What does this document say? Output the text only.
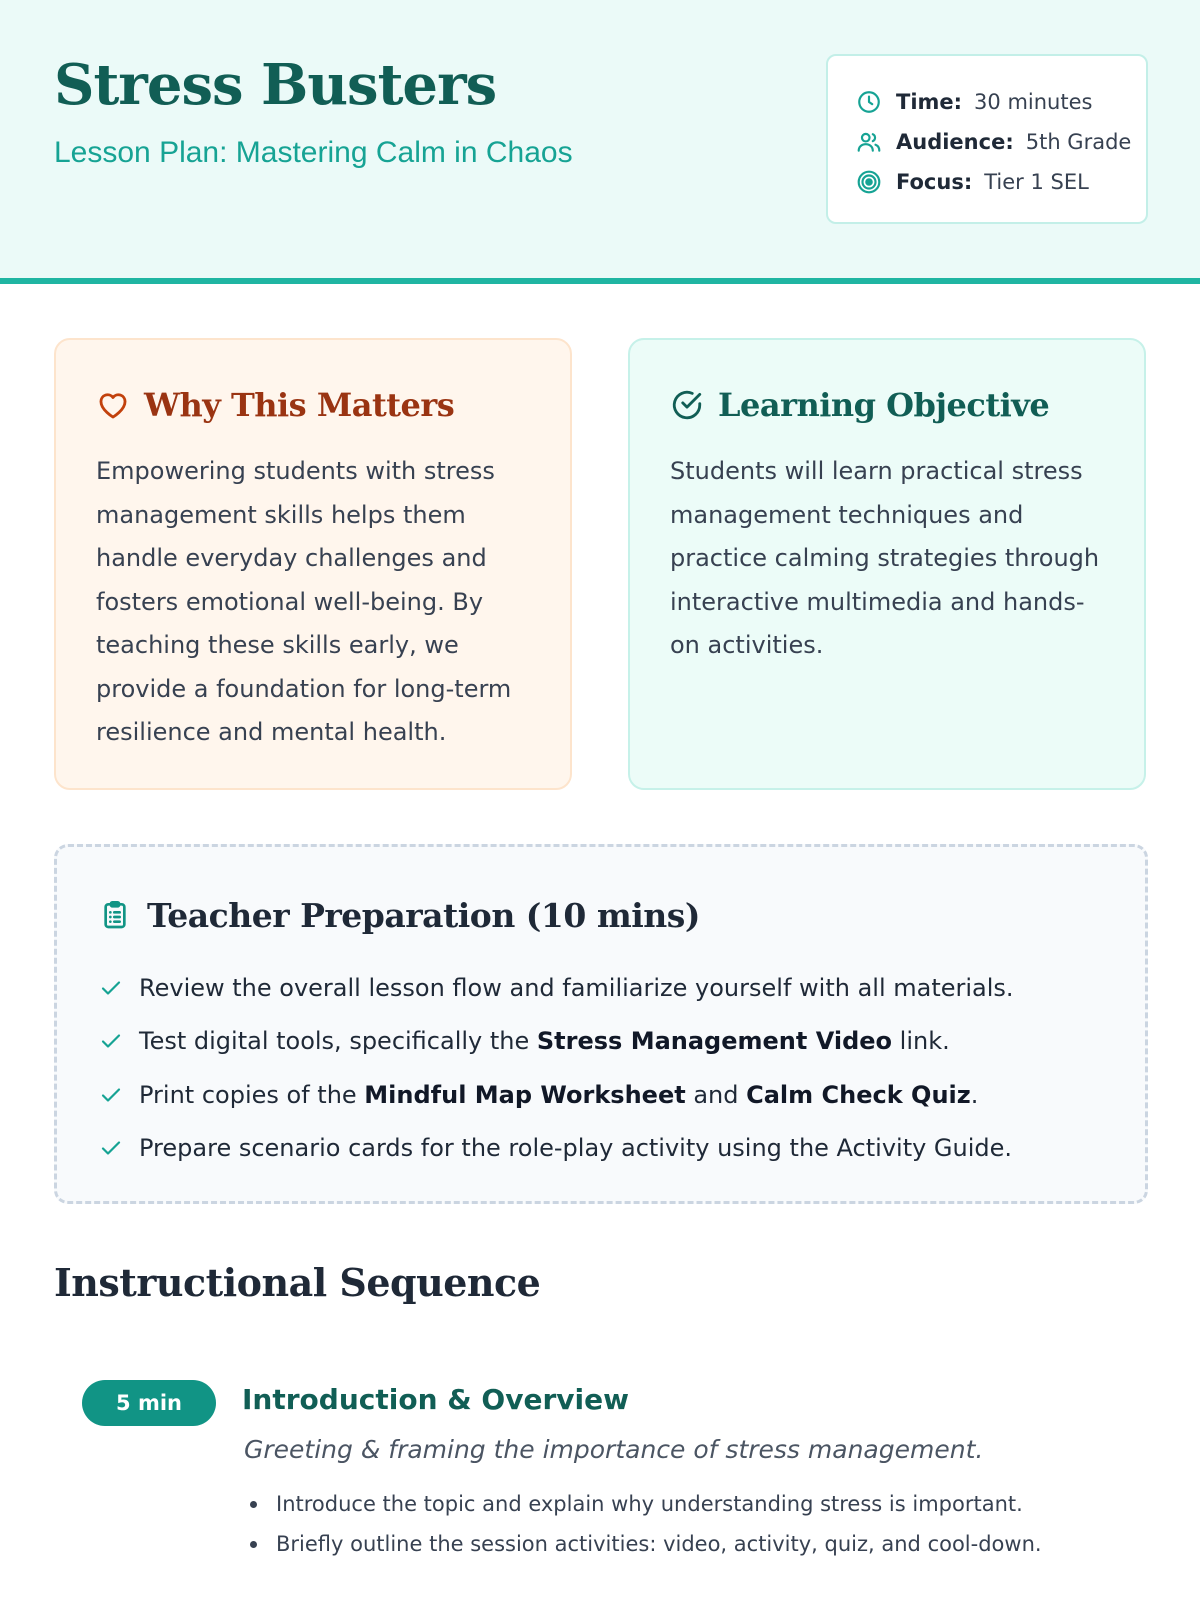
Stress Busters
Lesson Plan: Mastering Calm in Chaos
Time: 30 minutes
Audience: 5th Grade
Focus: Tier 1 SEL
Why This Matters

Empowering students with stress management skills helps them handle everyday challenges and fosters emotional well-being. By teaching these skills early, we provide a foundation for long-term resilience and mental health.

Learning Objective

Students will learn practical stress management techniques and practice calming strategies through interactive multimedia and hands-on activities.

Teacher Preparation (10 mins)
Review the overall lesson flow and familiarize yourself with all materials.
Test digital tools, specifically the Stress Management Video link.
Print copies of the Mindful Map Worksheet and Calm Check Quiz.
Prepare scenario cards for the role-play activity using the Activity Guide.
Instructional Sequence
5 min	Introduction & Overview

Greeting & framing the importance of stress management.

Introduce the topic and explain why understanding stress is important.
Briefly outline the session activities: video, activity, quiz, and cool-down.
